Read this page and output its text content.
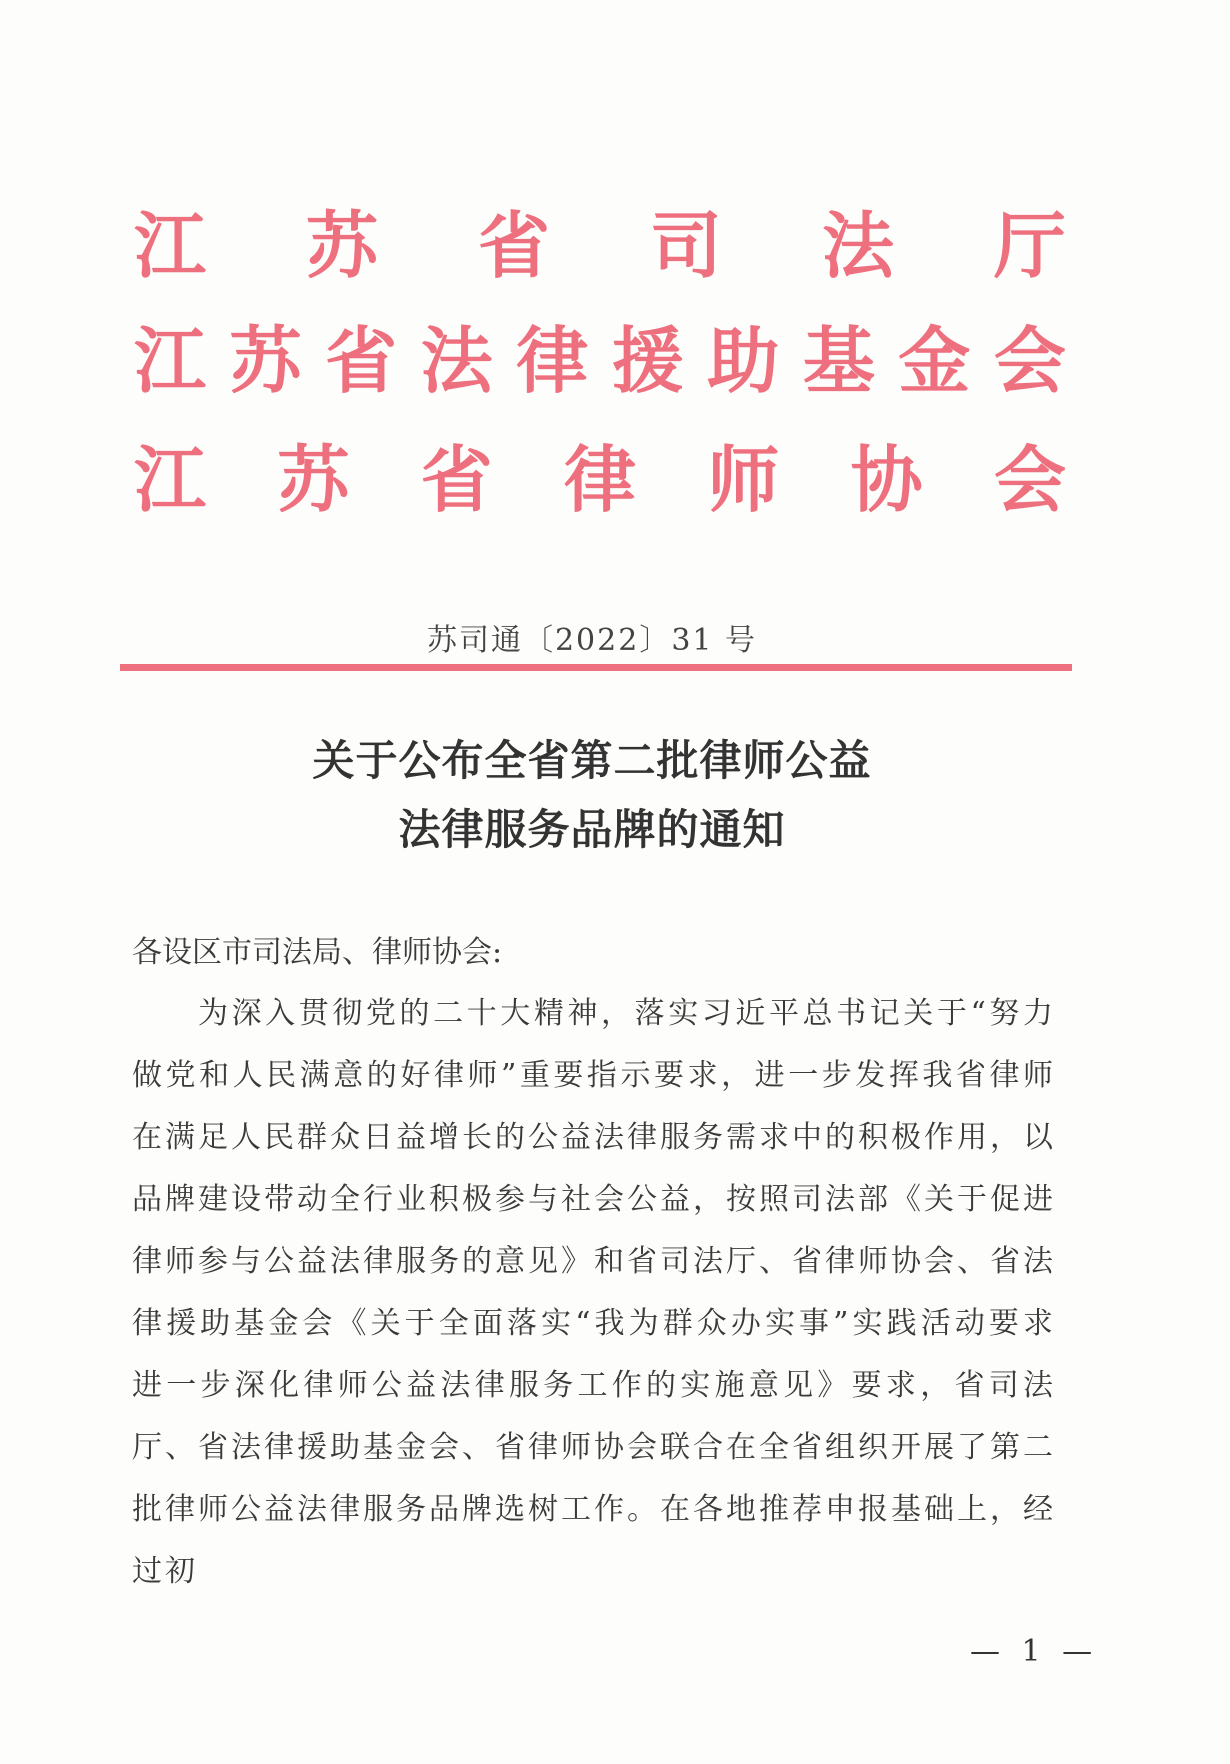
江 苏 省 司 法 厅
江 苏 省 法 律 援 助 基 金 会
江 苏 省 律 师 协 会
苏司通〔2022〕31 号
关于公布全省第二批律师公益
法律服务品牌的通知
各设区市司法局、律师协会:
为深入贯彻党的二十大精神，落实习近平总书记关于“努力做党和人民满意的好律师”重要指示要求，进一步发挥我省律师在满足人民群众日益增长的公益法律服务需求中的积极作用，以品牌建设带动全行业积极参与社会公益，按照司法部《关于促进律师参与公益法律服务的意见》和省司法厅、省律师协会、省法律援助基金会《关于全面落实“我为群众办实事”实践活动要求进一步深化律师公益法律服务工作的实施意见》要求，省司法厅、省法律援助基金会、省律师协会联合在全省组织开展了第二批律师公益法律服务品牌选树工作。在各地推荐申报基础上，经过初
— 1 —
